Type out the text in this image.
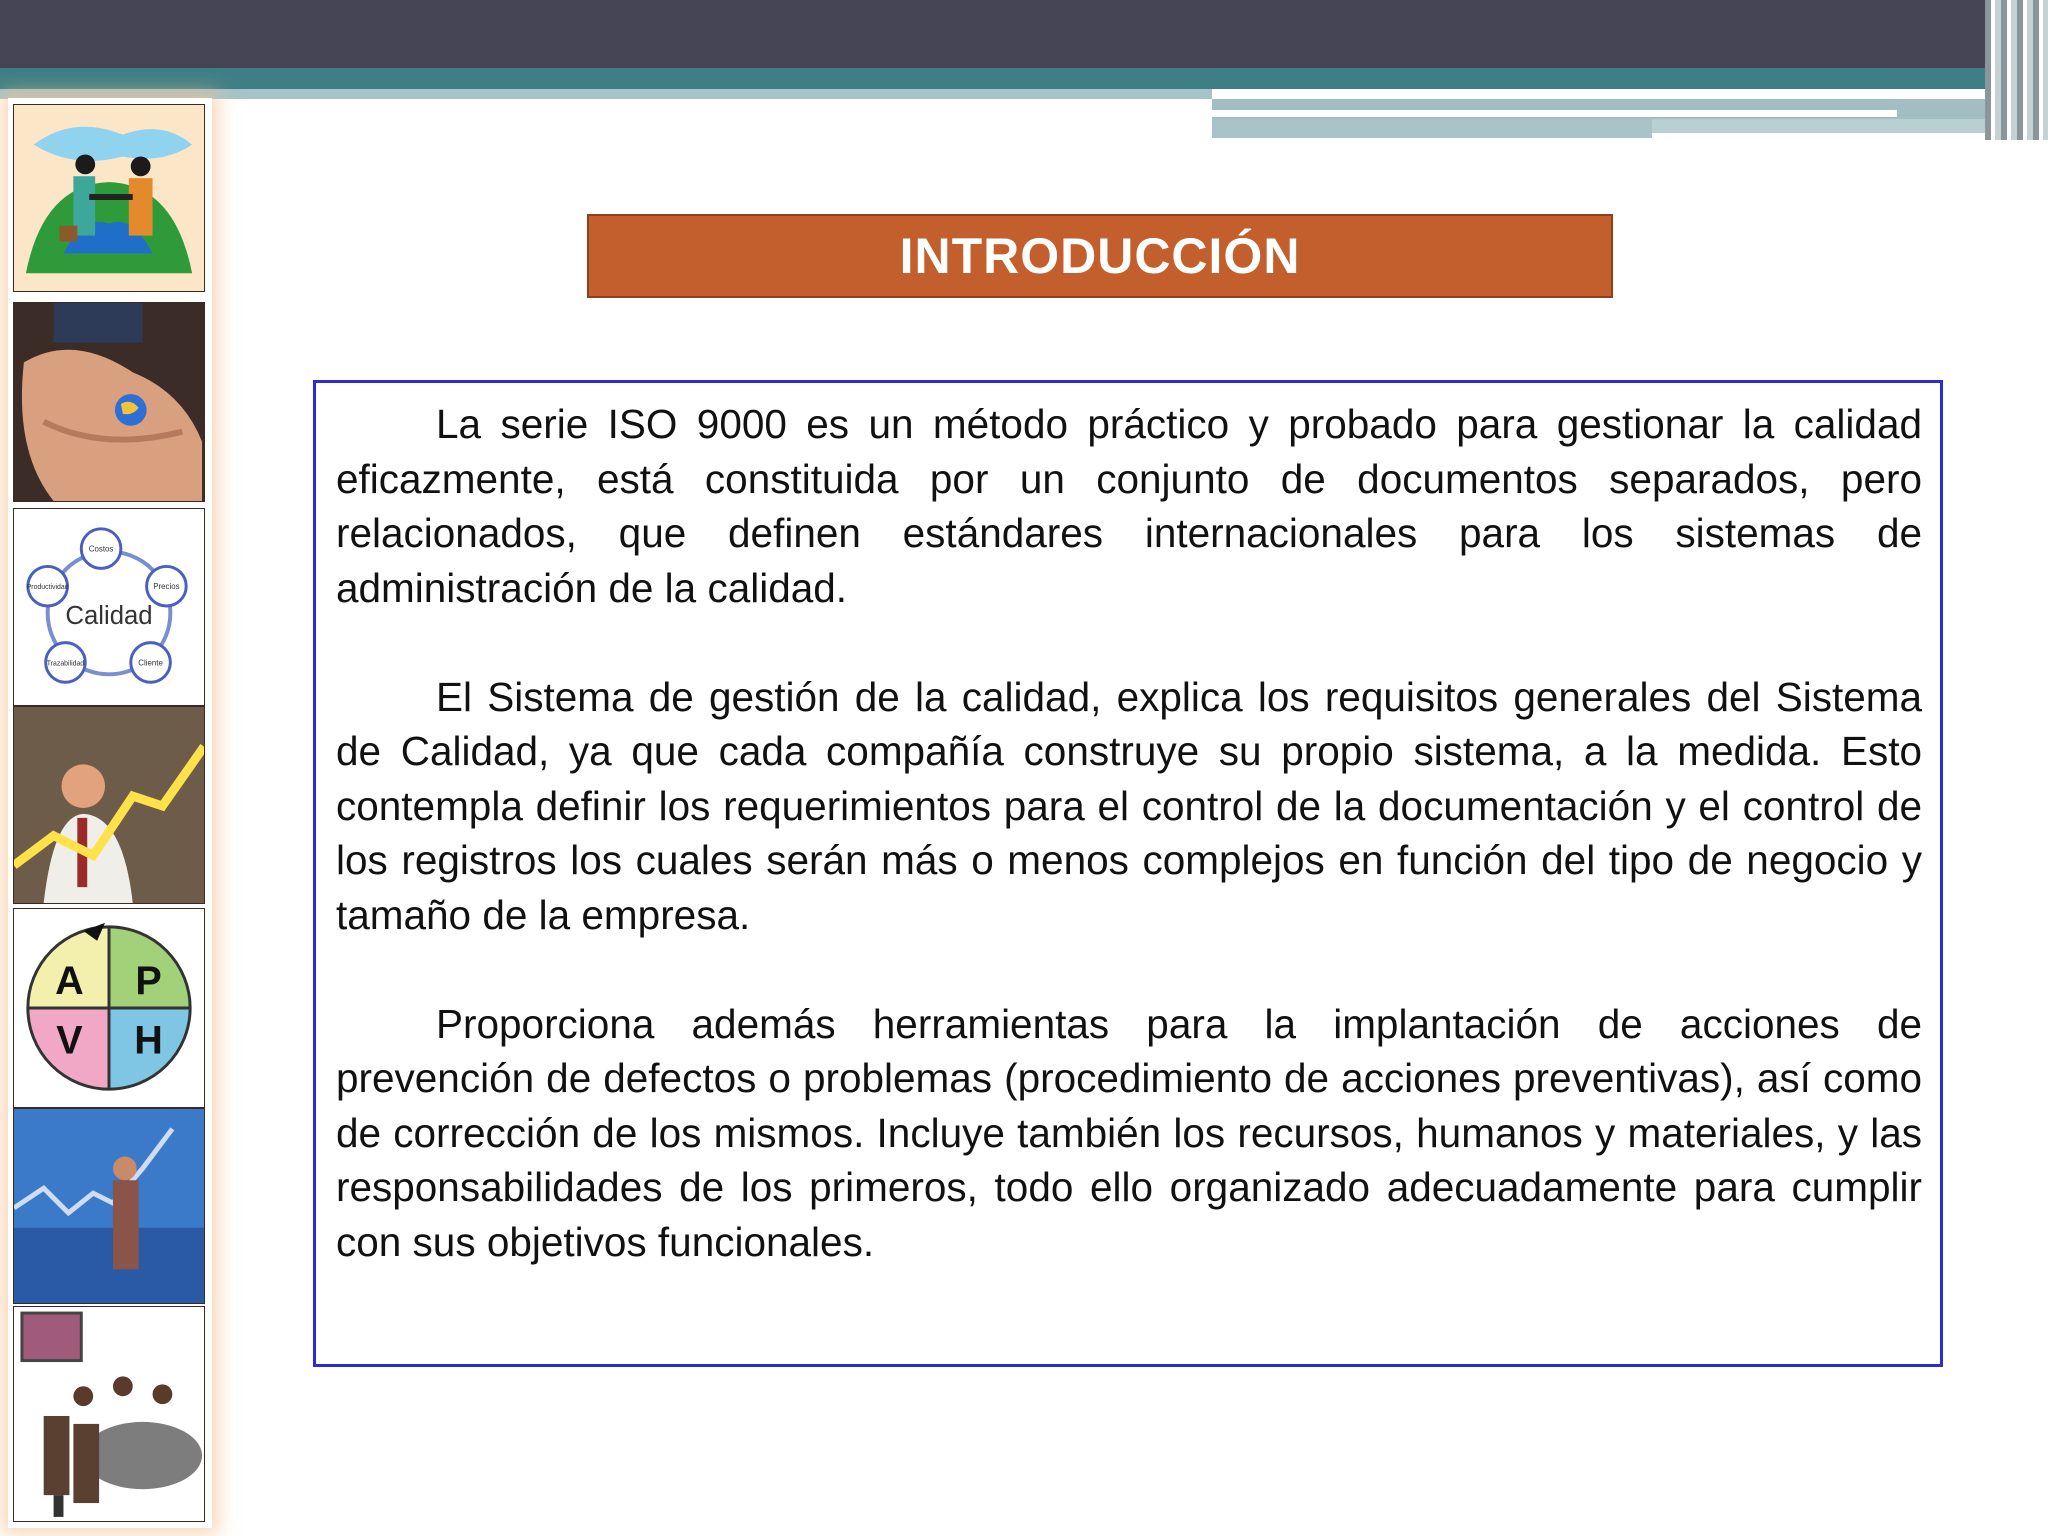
Calidad
Costos
Precios
Cliente
Trazabilidad
Productividad
A P
V H
INTRODUCCIÓN

La serie ISO 9000 es un método práctico y probado para gestionar la calidad eficazmente, está constituida por un conjunto de documentos separados, pero relacionados, que definen estándares internacionales para los sistemas de administración de la calidad.

El Sistema de gestión de la calidad, explica los requisitos generales del Sistema de Calidad, ya que cada compañía construye su propio sistema, a la medida. Esto contempla definir los requerimientos para el control de la documentación y el control de los registros los cuales serán más o menos complejos en función del tipo de negocio y tamaño de la empresa.

Proporciona además herramientas para la implantación de acciones de prevención de defectos o problemas (procedimiento de acciones preventivas), así como de corrección de los mismos. Incluye también los recursos, humanos y materiales, y las responsabilidades de los primeros, todo ello organizado adecuadamente para cumplir con sus objetivos funcionales.
